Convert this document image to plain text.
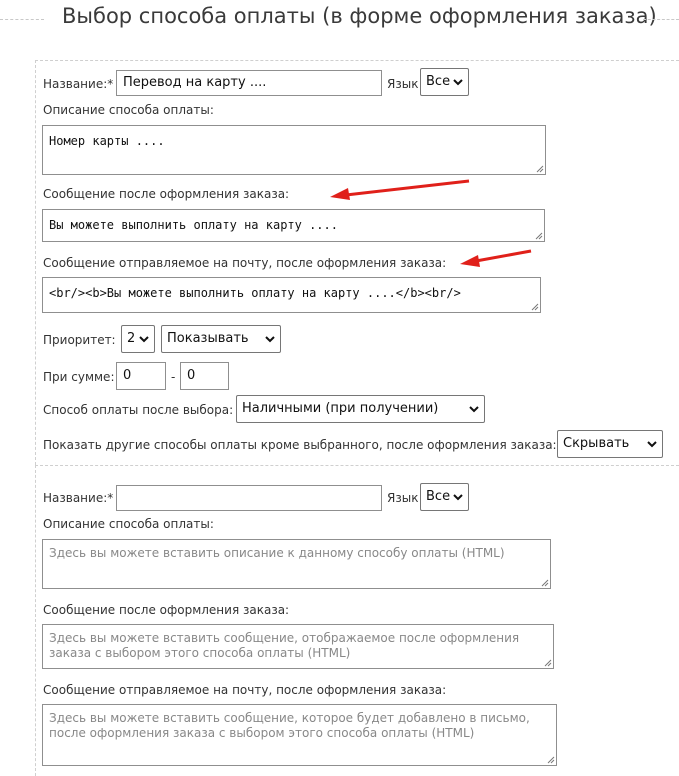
Выбор способа оплаты (в форме оформления заказа)
Название:* Перевод на карту ....	Язык Все
Описание способа оплаты:
Номер карты ....
Сообщение после оформления заказа:
Вы можете выполнить оплату на карту ....
Сообщение отправляемое на почту, после оформления заказа:
<br/><b>Вы можете выполнить оплату на карту ....</b><br/>
Приоритет: 2	Показывать
При сумме: 0	- 0
Способ оплаты после выбора: Наличными (при получении)
Показать другие способы оплаты кроме выбранного, после оформления заказа: Скрывать
Название:*	Язык Все
Описание способа оплаты:
Здесь вы можете вставить описание к данному способу оплаты (HTML)
Сообщение после оформления заказа:
Здесь вы можете вставить сообщение, отображаемое после оформления заказа с выбором этого способа оплаты (HTML)
Сообщение отправляемое на почту, после оформления заказа:
Здесь вы можете вставить сообщение, которое будет добавлено в письмо, после оформления заказа с выбором этого способа оплаты (HTML)
